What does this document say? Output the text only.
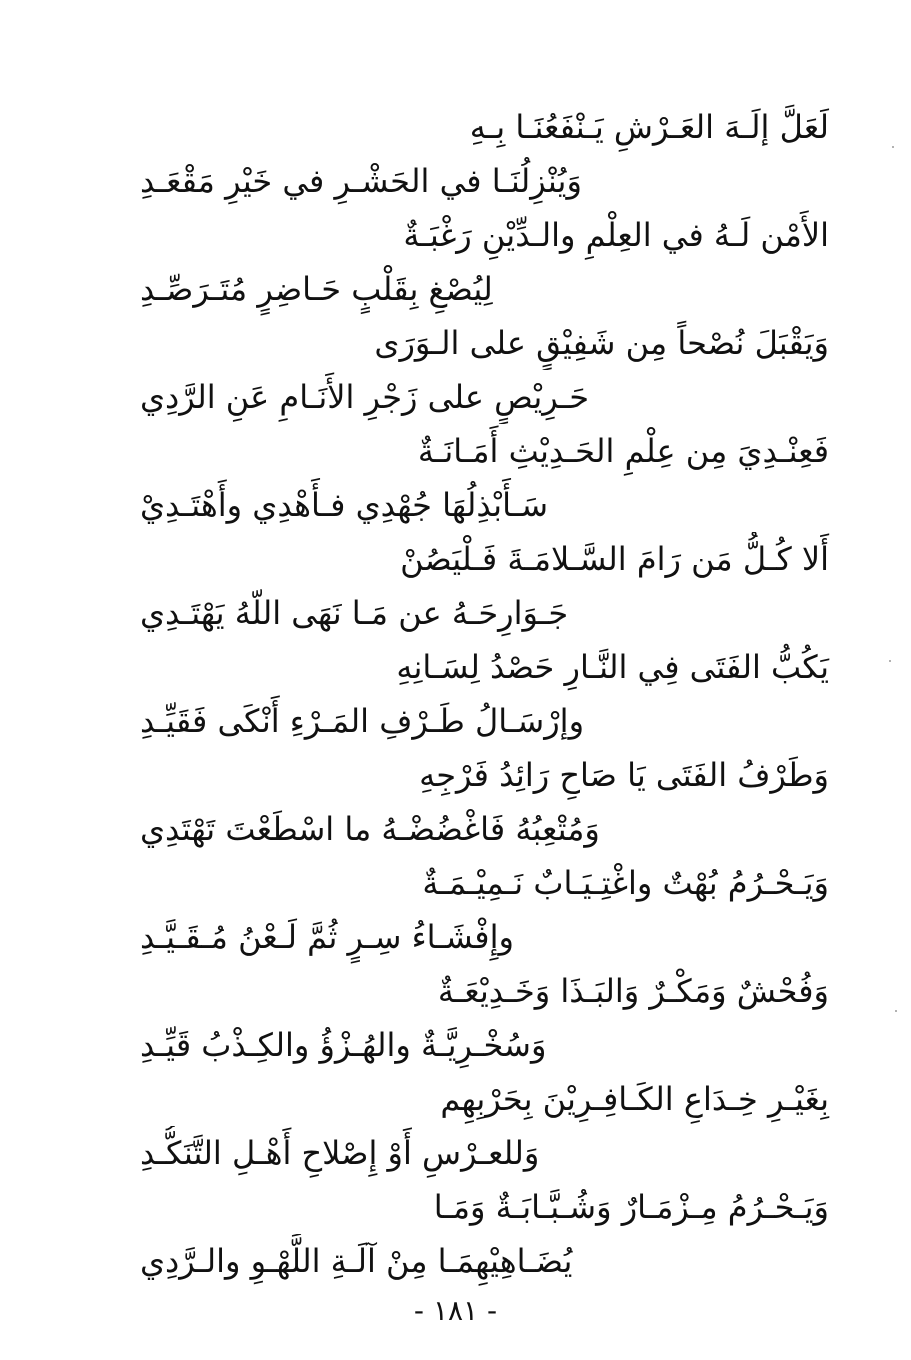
لَعَلَّ إلَـهَ العَـرْشِ يَـنْفَعُنَـا بِـهِ
وَيُنْزِلُنَـا في الحَشْـرِ في خَيْرِ مَقْعَـدِ
الأَمْن لَـهُ في العِلْمِ والـدِّيْنِ رَغْبَـةٌ
لِيُصْغِ بِقَلْبٍ حَـاضِرٍ مُتَـرَصِّـدِ
وَيَقْبَلَ نُصْحاً مِن شَفِيْقٍ على الـوَرَى
حَـرِيْصٍ على زَجْرِ الأَنَـامِ عَنِ الرَّدِي
فَعِنْـدِيَ مِن عِلْمِ الحَـدِيْثِ أَمَـانَـةٌ
سَـأَبْذِلُهَا جُهْدِي فـأَهْدِي وأَهْتَـدِيْ
أَلا كُـلُّ مَن رَامَ السَّـلامَـةَ فَـلْيَصُنْ
جَـوَارِحَـهُ عن مَـا نَهَى اللّهُ يَهْتَـدِي
يَكُبُّ الفَتَى فِي النَّـارِ حَصْدُ لِسَـانِهِ
وإرْسَـالُ طَـرْفِ المَـرْءِ أَنْكَى فَقَيِّـدِ
وَطَرْفُ الفَتَى يَا صَاحِ رَائِدُ فَرْجِهِ
وَمُتْعِبُهُ فَاغْضُضْـهُ ما اسْطَعْتَ تَهْتَدِي
وَيَـحْـرُمُ بُهْتٌ واغْتِـيَـابٌ نَـمِيْـمَـةٌ
وإِفْشَـاءُ سِـرٍ ثُمَّ لَـعْنُ مُـقَـيَّـدِ
وَفُحْشٌ وَمَكْـرٌ وَالبَـذَا وَخَـدِيْعَـةٌ
وَسُخْـرِيَّـةٌ والهُـزْؤُ والكِـذْبُ قَيِّـدِ
بِغَيْـرِ خِـدَاعِ الكَـافِـرِيْنَ بِحَرْبِهِم
وَللعـرْسِ أَوْ إِصْلاحِ أَهْـلِ التَّنَكُّـدِ
وَيَـحْـرُمُ مِـزْمَـارٌ وَشُـبَّـابَـةٌ وَمَـا
يُضَـاهِيْهِمَـا مِنْ آلَـةِ اللَّهْـوِ والـرَّدِي
- ١٨١ -
